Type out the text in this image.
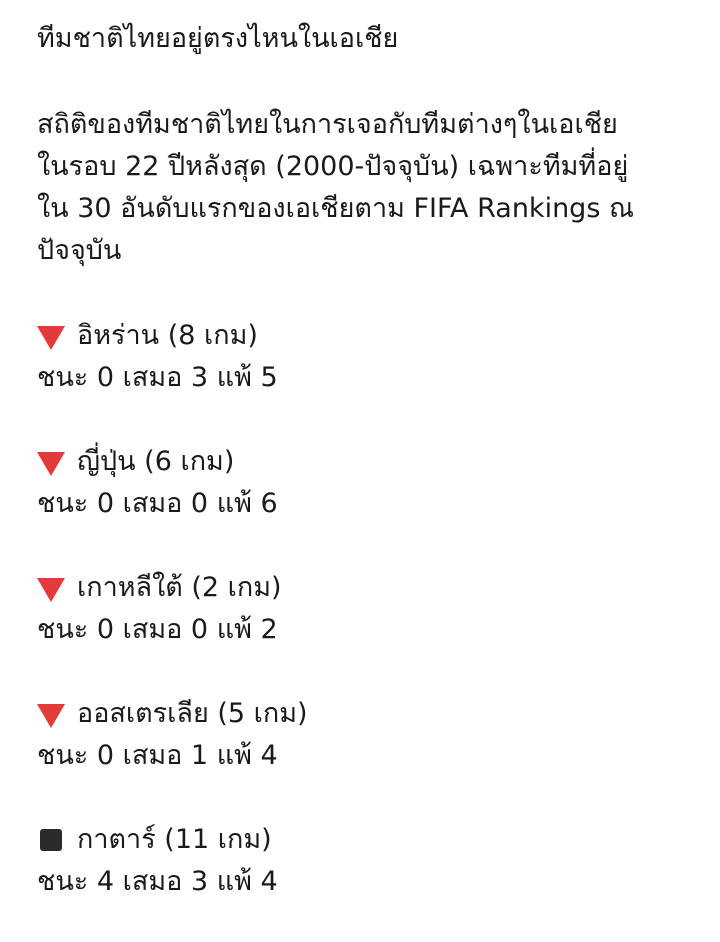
ทีมชาติไทยอยู่ตรงไหนในเอเชีย
สถิติของทีมชาติไทยในการเจอกับทีมต่างๆในเอเชีย
ในรอบ 22 ปีหลังสุด (2000-ปัจจุบัน) เฉพาะทีมที่อยู่
ใน 30 อันดับแรกของเอเชียตาม FIFA Rankings ณ
ปัจจุบัน
อิหร่าน (8 เกม)
ชนะ 0 เสมอ 3 แพ้ 5
ญี่ปุ่น (6 เกม)
ชนะ 0 เสมอ 0 แพ้ 6
เกาหลีใต้ (2 เกม)
ชนะ 0 เสมอ 0 แพ้ 2
ออสเตรเลีย (5 เกม)
ชนะ 0 เสมอ 1 แพ้ 4
กาตาร์ (11 เกม)
ชนะ 4 เสมอ 3 แพ้ 4
